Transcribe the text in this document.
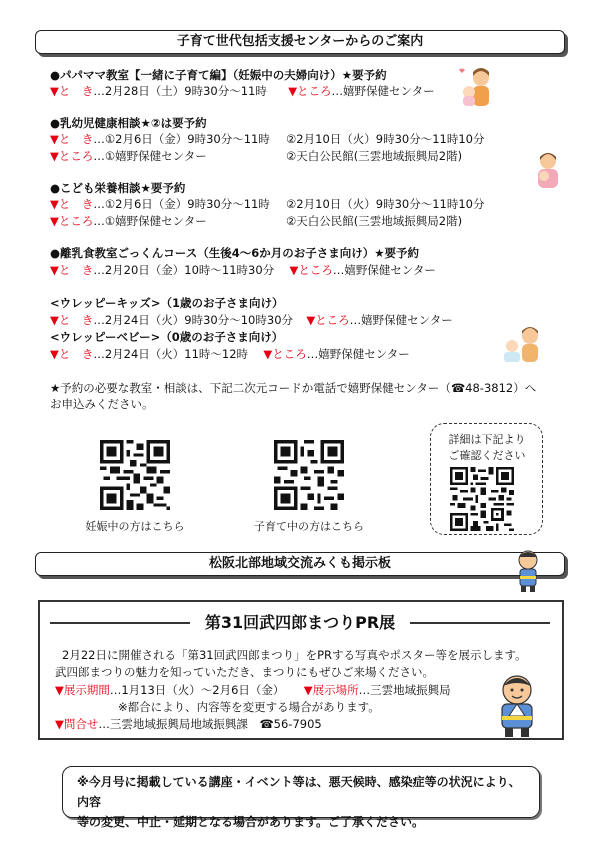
子育て世代包括支援センターからのご案内
●パパママ教室【一緒に子育て編】（妊娠中の夫婦向け）★要予約
▼と　き…2月28日（土）9時30分～11時 ▼ところ…嬉野保健センター
●乳幼児健康相談★②は要予約
▼と　き…①2月6日（金）9時30分～11時 ②2月10日（火）9時30分～11時10分
▼ところ…①嬉野保健センター	②天白公民館(三雲地域振興局2階)
●こども栄養相談★要予約
▼と　き…①2月6日（金）9時30分～11時 ②2月10日（火）9時30分～11時10分
▼ところ…①嬉野保健センター	②天白公民館(三雲地域振興局2階)
●離乳食教室ごっくんコース（生後4～6か月のお子さま向け）★要予約
▼と　き…2月20日（金）10時～11時30分 ▼ところ…嬉野保健センター
<ウレッピーキッズ>（1歳のお子さま向け）
▼と　き…2月24日（火）9時30分～10時30分 ▼ところ…嬉野保健センター
<ウレッピーベビー>（0歳のお子さま向け）
▼と　き…2月24日（火）11時～12時 ▼ところ…嬉野保健センター
★予約の必要な教室・相談は、下記二次元コードか電話で嬉野保健センター（☎48-3812）へ
お申込みください。
詳細は下記より
ご確認ください
妊娠中の方はこちら	子育て中の方はこちら
松阪北部地域交流みくも掲示板
第31回武四郎まつりPR展
2月22日に開催される「第31回武四郎まつり」をPRする写真やポスター等を展示します。
武四郎まつりの魅力を知っていただき、まつりにもぜひご来場ください。
▼展示期間…1月13日（火）～2月6日（金） ▼展示場所…三雲地域振興局
※都合により、内容等を変更する場合があります。
▼問合せ…三雲地域振興局地域振興課　☎56-7905
※今月号に掲載している講座・イベント等は、悪天候時、感染症等の状況により、内容
等の変更、中止・延期となる場合があります。ご了承ください。
